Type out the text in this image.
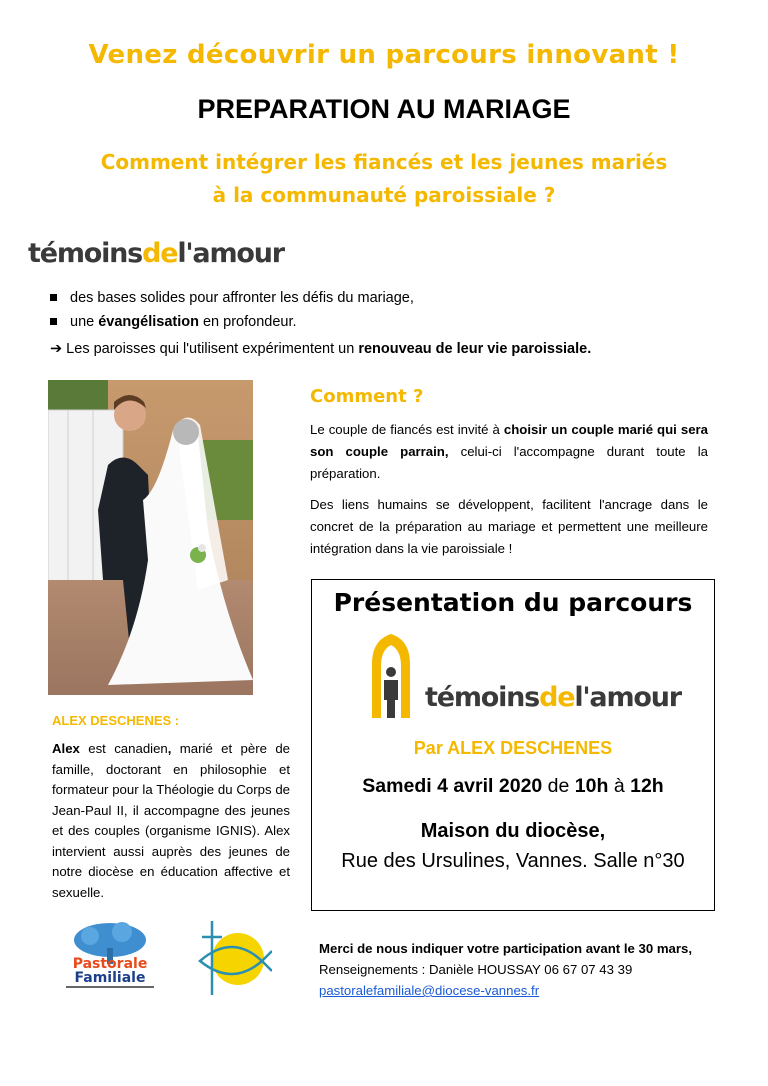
Venez découvrir un parcours innovant !
PREPARATION AU MARIAGE
Comment intégrer les fiancés et les jeunes mariés
à la communauté paroissiale ?
témoinsdel'amour
des bases solides pour affronter les défis du mariage,
une évangélisation en profondeur.
➔ Les paroisses qui l'utilisent expérimentent un renouveau de leur vie paroissiale.
ALEX DESCHENES :
Alex est canadien, marié et père de famille, doctorant en philosophie et formateur pour la Théologie du Corps de Jean-Paul II, il accompagne des jeunes et des couples (organisme IGNIS). Alex intervient aussi auprès des jeunes de notre diocèse en éducation affective et sexuelle.
Comment ?
Le couple de fiancés est invité à choisir un couple marié qui sera son couple parrain, celui-ci l'accompagne durant toute la préparation.
Des liens humains se développent, facilitent l'ancrage dans le concret de la préparation au mariage et permettent une meilleure intégration dans la vie paroissiale !
Présentation du parcours
témoinsdel'amour
Par ALEX DESCHENES
Samedi 4 avril 2020 de 10h à 12h
Maison du diocèse,
Rue des Ursulines, Vannes. Salle n°30
Pastorale
Familiale
Merci de nous indiquer votre participation avant le 30 mars,
Renseignements : Danièle HOUSSAY 06 67 07 43 39
pastoralefamiliale@diocese-vannes.fr
